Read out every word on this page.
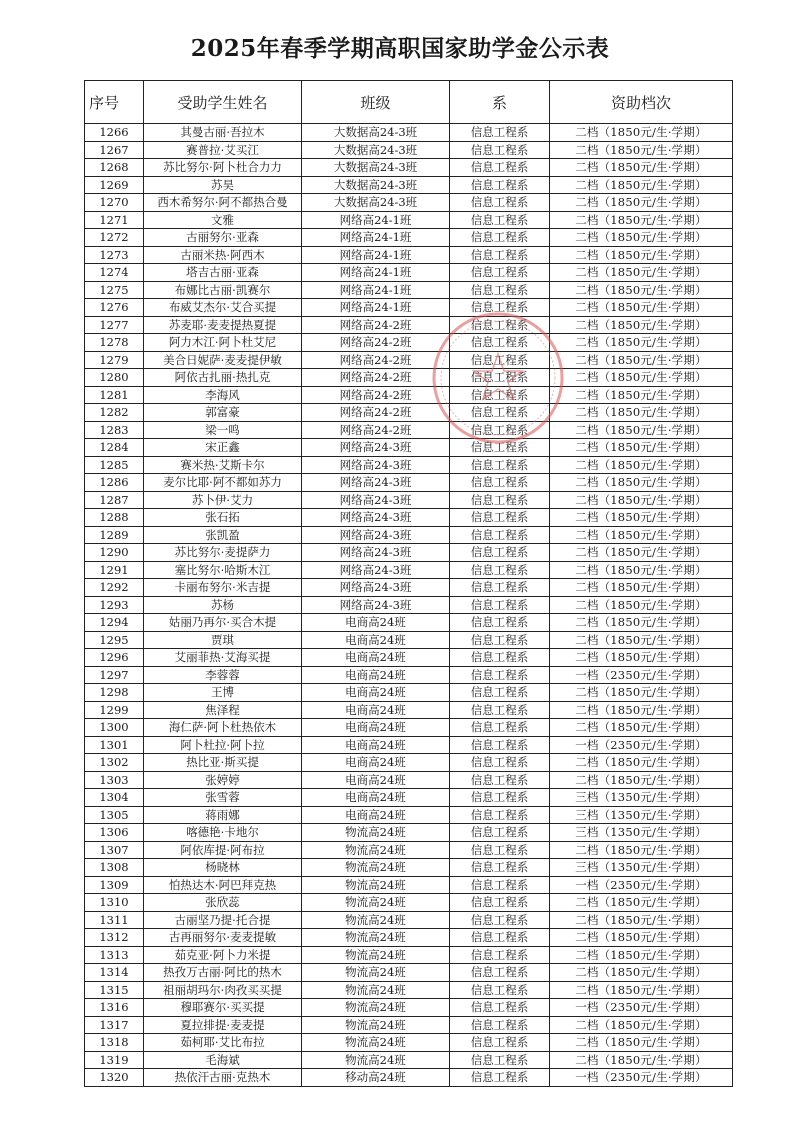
2025年春季学期高职国家助学金公示表
序号	受助学生姓名	班级	系	资助档次
1266	其曼古丽·吾拉木	大数据高24-3班	信息工程系	二档（1850元/生·学期）
1267	赛普拉·艾买江	大数据高24-3班	信息工程系	二档（1850元/生·学期）
1268	苏比努尔·阿卜杜合力力	大数据高24-3班	信息工程系	二档（1850元/生·学期）
1269	苏昊	大数据高24-3班	信息工程系	二档（1850元/生·学期）
1270	西木希努尔·阿不都热合曼	大数据高24-3班	信息工程系	二档（1850元/生·学期）
1271	文雅	网络高24-1班	信息工程系	二档（1850元/生·学期）
1272	古丽努尔·亚森	网络高24-1班	信息工程系	二档（1850元/生·学期）
1273	古丽米热·阿西木	网络高24-1班	信息工程系	二档（1850元/生·学期）
1274	塔吉古丽·亚森	网络高24-1班	信息工程系	二档（1850元/生·学期）
1275	布娜比古丽·凯赛尔	网络高24-1班	信息工程系	二档（1850元/生·学期）
1276	布威艾杰尔·艾合买提	网络高24-1班	信息工程系	二档（1850元/生·学期）
1277	苏麦耶·麦麦提热夏提	网络高24-2班	信息工程系	二档（1850元/生·学期）
1278	阿力木江·阿卜杜艾尼	网络高24-2班	信息工程系	二档（1850元/生·学期）
1279	美合日妮萨·麦麦提伊敏	网络高24-2班	信息工程系	二档（1850元/生·学期）
1280	阿依古扎丽·热扎克	网络高24-2班	信息工程系	二档（1850元/生·学期）
1281	李海风	网络高24-2班	信息工程系	二档（1850元/生·学期）
1282	郭富豪	网络高24-2班	信息工程系	二档（1850元/生·学期）
1283	梁一鸣	网络高24-2班	信息工程系	二档（1850元/生·学期）
1284	宋正鑫	网络高24-3班	信息工程系	二档（1850元/生·学期）
1285	赛米热·艾斯卡尔	网络高24-3班	信息工程系	二档（1850元/生·学期）
1286	麦尔比耶·阿不都如苏力	网络高24-3班	信息工程系	二档（1850元/生·学期）
1287	苏卜伊·艾力	网络高24-3班	信息工程系	二档（1850元/生·学期）
1288	张石拓	网络高24-3班	信息工程系	二档（1850元/生·学期）
1289	张凯盈	网络高24-3班	信息工程系	二档（1850元/生·学期）
1290	苏比努尔·麦提萨力	网络高24-3班	信息工程系	二档（1850元/生·学期）
1291	塞比努尔·哈斯木江	网络高24-3班	信息工程系	二档（1850元/生·学期）
1292	卡丽布努尔·米吉提	网络高24-3班	信息工程系	二档（1850元/生·学期）
1293	苏杨	网络高24-3班	信息工程系	二档（1850元/生·学期）
1294	姑丽乃再尔·买合木提	电商高24班	信息工程系	二档（1850元/生·学期）
1295	贾琪	电商高24班	信息工程系	二档（1850元/生·学期）
1296	艾丽菲热·艾海买提	电商高24班	信息工程系	二档（1850元/生·学期）
1297	李蓉蓉	电商高24班	信息工程系	一档（2350元/生·学期）
1298	王博	电商高24班	信息工程系	二档（1850元/生·学期）
1299	焦泽程	电商高24班	信息工程系	二档（1850元/生·学期）
1300	海仁萨·阿卜杜热依木	电商高24班	信息工程系	二档（1850元/生·学期）
1301	阿卜杜拉·阿卜拉	电商高24班	信息工程系	一档（2350元/生·学期）
1302	热比亚·斯买提	电商高24班	信息工程系	二档（1850元/生·学期）
1303	张婷婷	电商高24班	信息工程系	二档（1850元/生·学期）
1304	张雪蓉	电商高24班	信息工程系	三档（1350元/生·学期）
1305	蒋雨娜	电商高24班	信息工程系	三档（1350元/生·学期）
1306	喀德艳·卡地尔	物流高24班	信息工程系	三档（1350元/生·学期）
1307	阿依库提·阿布拉	物流高24班	信息工程系	二档（1850元/生·学期）
1308	杨晓林	物流高24班	信息工程系	三档（1350元/生·学期）
1309	怕热达木·阿巴拜克热	物流高24班	信息工程系	一档（2350元/生·学期）
1310	张欣蕊	物流高24班	信息工程系	二档（1850元/生·学期）
1311	古丽坚乃提·托合提	物流高24班	信息工程系	二档（1850元/生·学期）
1312	古再丽努尔·麦麦提敏	物流高24班	信息工程系	二档（1850元/生·学期）
1313	茹克亚·阿卜力米提	物流高24班	信息工程系	二档（1850元/生·学期）
1314	热孜万古丽·阿比的热木	物流高24班	信息工程系	二档（1850元/生·学期）
1315	祖丽胡玛尔·肉孜买买提	物流高24班	信息工程系	二档（1850元/生·学期）
1316	穆耶赛尔·买买提	物流高24班	信息工程系	一档（2350元/生·学期）
1317	夏拉排提·麦麦提	物流高24班	信息工程系	二档（1850元/生·学期）
1318	茹柯耶·艾比布拉	物流高24班	信息工程系	二档（1850元/生·学期）
1319	毛海斌	物流高24班	信息工程系	二档（1850元/生·学期）
1320	热依汗古丽·克热木	移动高24班	信息工程系	一档（2350元/生·学期）
